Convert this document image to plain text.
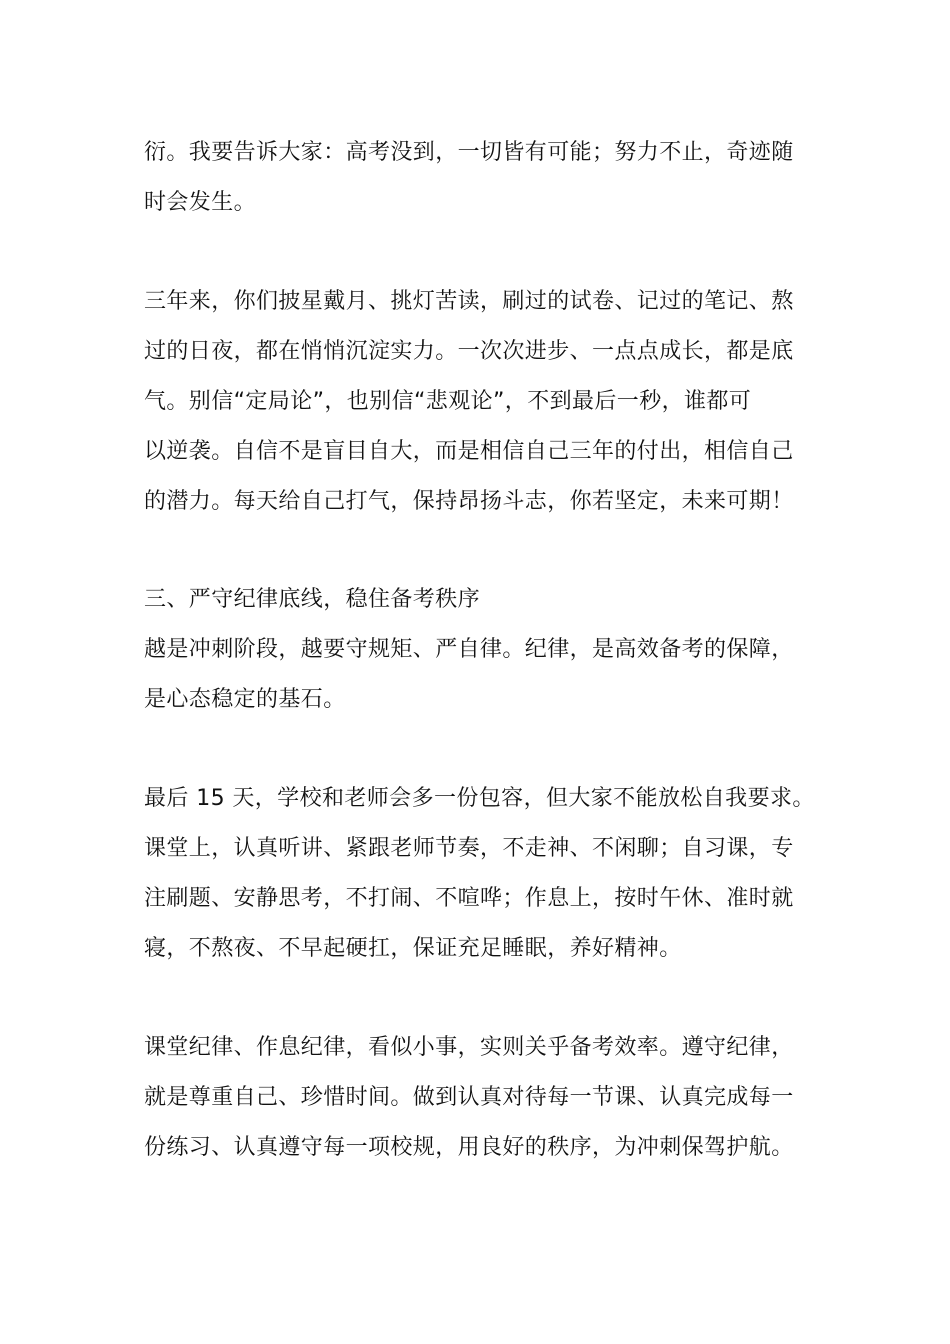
衍。我要告诉大家：高考没到，一切皆有可能；努力不止，奇迹随
时会发生。
三年来，你们披星戴月、挑灯苦读，刷过的试卷、记过的笔记、熬
过的日夜，都在悄悄沉淀实力。一次次进步、一点点成长，都是底
气。别信“定局论”，也别信“悲观论”，不到最后一秒，谁都可
以逆袭。自信不是盲目自大，而是相信自己三年的付出，相信自己
的潜力。每天给自己打气，保持昂扬斗志，你若坚定，未来可期！
三、严守纪律底线，稳住备考秩序
越是冲刺阶段，越要守规矩、严自律。纪律，是高效备考的保障，
是心态稳定的基石。
最后 15 天，学校和老师会多一份包容，但大家不能放松自我要求。
课堂上，认真听讲、紧跟老师节奏，不走神、不闲聊；自习课，专
注刷题、安静思考，不打闹、不喧哗；作息上，按时午休、准时就
寝，不熬夜、不早起硬扛，保证充足睡眠，养好精神。
课堂纪律、作息纪律，看似小事，实则关乎备考效率。遵守纪律，
就是尊重自己、珍惜时间。做到认真对待每一节课、认真完成每一
份练习、认真遵守每一项校规，用良好的秩序，为冲刺保驾护航。
